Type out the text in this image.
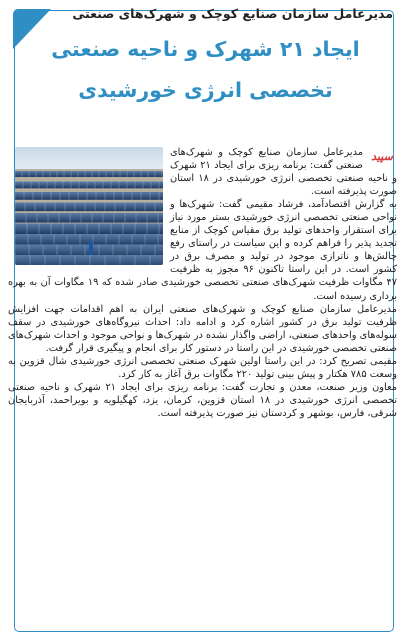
مدیرعامل سازمان صنایع کوچک و شهرک‌های صنعتی
ایجاد ۲۱ شهرک و ناحیه صنعتی تخصصی انرژی خورشیدی
سپید

مدیرعامل سازمان صنایع کوچک و شهرک‌های صنعتی گفت: برنامه ریزی برای ایجاد ۲۱ شهرک و ناحیه صنعتی تخصصی انرژی خورشیدی در ۱۸ استان صورت پذیرفته است.

به گزارش اقتصادآمد، فرشاد مقیمی گفت: شهرک‌ها و نواحی صنعتی تخصصی انرژی خورشیدی بستر مورد نیاز برای استقرار واحدهای تولید برق مقیاس کوچک از منابع تجدید پذیر را فراهم کرده و این سیاست در راستای رفع چالش‌ها و ناترازی موجود در تولید و مصرف برق در کشور است. در این راستا تاکنون ۹۶ مجوز به ظرفیت ۴۷ مگاوات ظرفیت شهرک‌های صنعتی تخصصی خورشیدی صادر شده که ۱۹ مگاوات آن به بهره برداری رسیده است.

مدیرعامل سازمان صنایع کوچک و شهرک‌های صنعتی ایران به اهم اقدامات جهت افزایش ظرفیت تولید برق در کشور اشاره کرد و ادامه داد: احداث نیروگاه‌های خورشیدی در سقف سوله‌های واحدهای صنعتی، اراضی واگذار نشده در شهرک‌ها و نواحی موجود و احداث شهرک‌های صنعتی تخصصی خورشیدی در این راستا در دستور کار برای انجام و پیگیری قرار گرفت.

مقیمی تصریح کرد: در این راستا اولین شهرک صنعتی تخصصی انرژی خورشیدی شال قزوین به وسعت ۷۸۵ هکتار و پیش بینی تولید ۲۲۰ مگاوات برق آغاز به کار کرد.

معاون وزیر صنعت، معدن و تجارت گفت: برنامه ریزی برای ایجاد ۲۱ شهرک و ناحیه صنعتی تخصصی انرژی خورشیدی در ۱۸ استان قزوین، کرمان، یزد، کهگیلویه و بویراحمد، آذربایجان شرقی، فارس، بوشهر و کردستان نیز صورت پذیرفته است.
